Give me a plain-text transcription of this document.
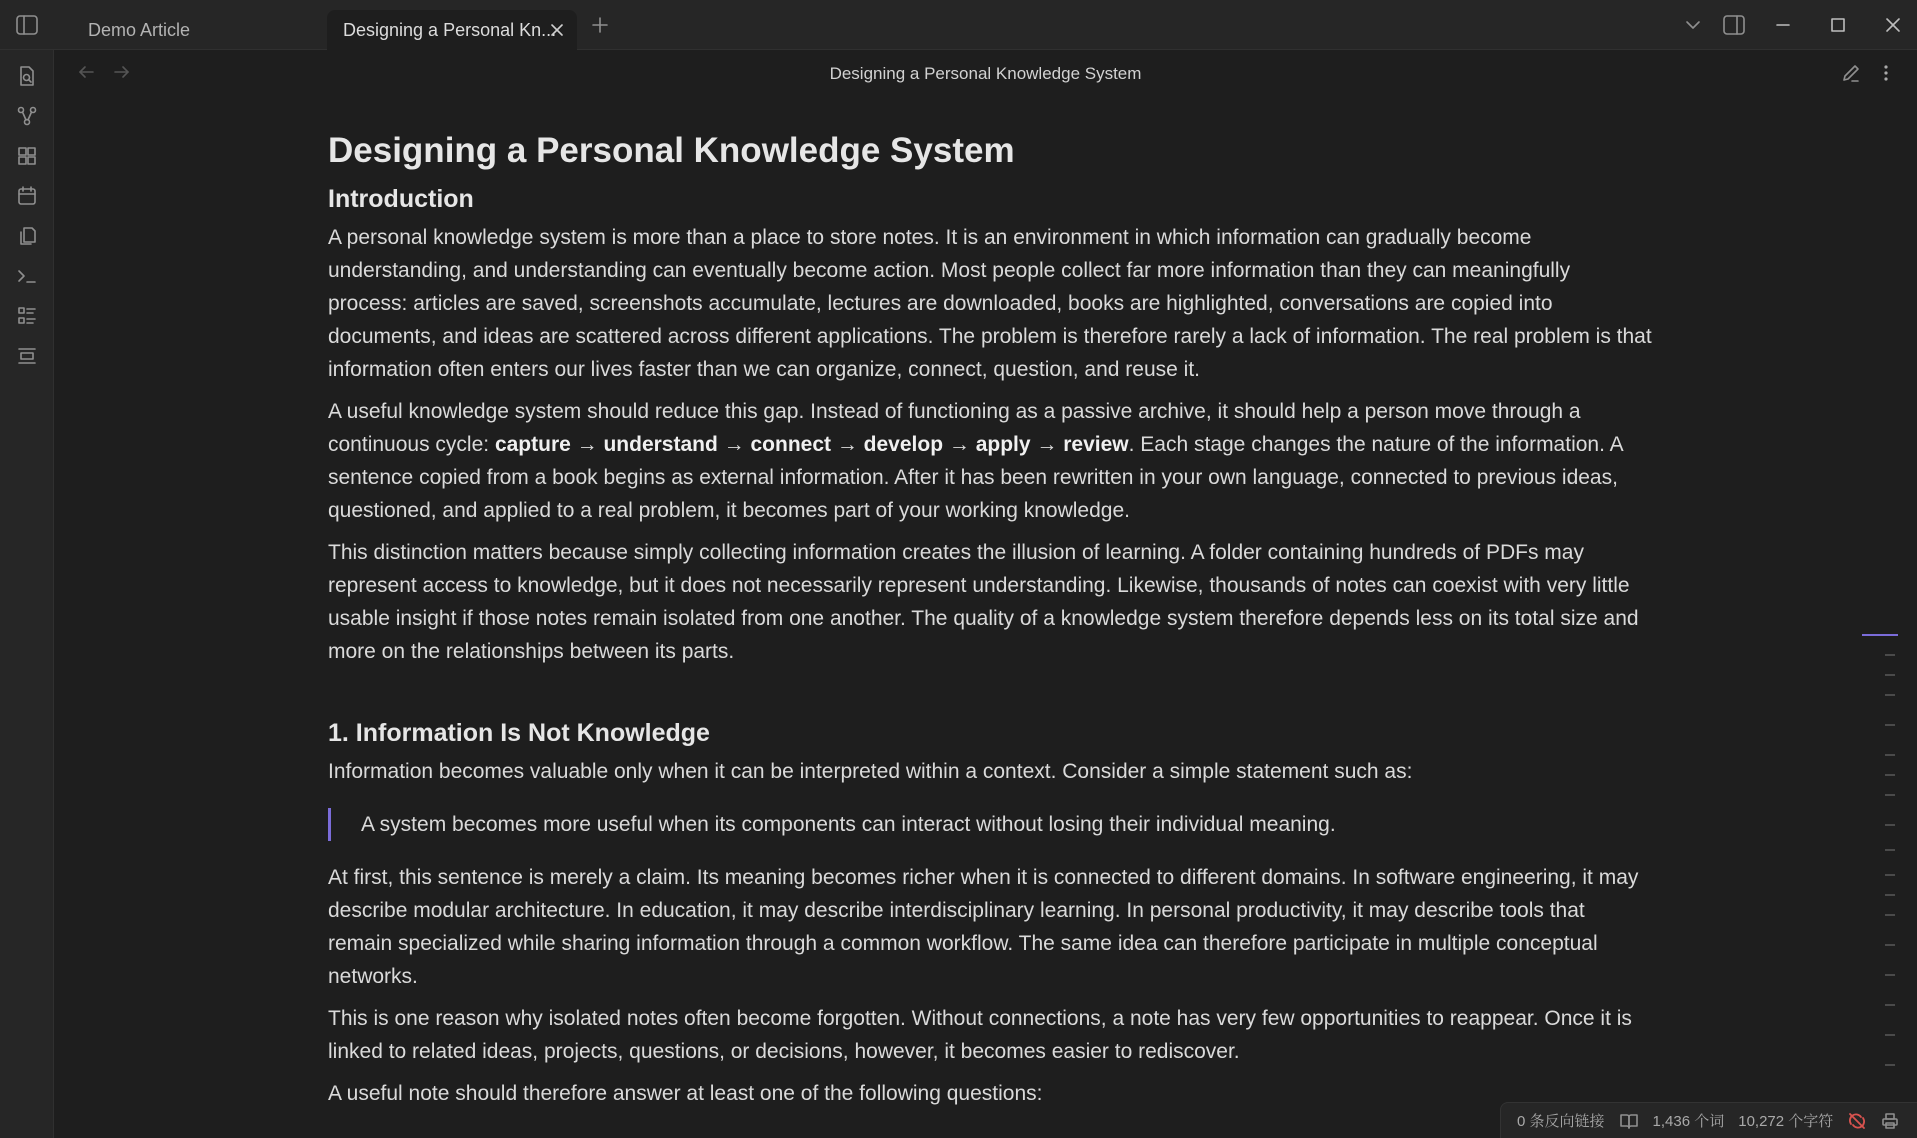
Demo Article	Designing a Personal Kn...
Designing a Personal Knowledge System
Designing a Personal Knowledge System
Introduction

A personal knowledge system is more than a place to store notes. It is an environment in which information can gradually become understanding, and understanding can eventually become action. Most people collect far more information than they can meaningfully process: articles are saved, screenshots accumulate, lectures are downloaded, books are highlighted, conversations are copied into documents, and ideas are scattered across different applications. The problem is therefore rarely a lack of information. The real problem is that information often enters our lives faster than we can organize, connect, question, and reuse it.

A useful knowledge system should reduce this gap. Instead of functioning as a passive archive, it should help a person move through a continuous cycle: capture → understand → connect → develop → apply → review. Each stage changes the nature of the information. A sentence copied from a book begins as external information. After it has been rewritten in your own language, connected to previous ideas, questioned, and applied to a real problem, it becomes part of your working knowledge.

This distinction matters because simply collecting information creates the illusion of learning. A folder containing hundreds of PDFs may represent access to knowledge, but it does not necessarily represent understanding. Likewise, thousands of notes can coexist with very little usable insight if those notes remain isolated from one another. The quality of a knowledge system therefore depends less on its total size and more on the relationships between its parts.

1. Information Is Not Knowledge

Information becomes valuable only when it can be interpreted within a context. Consider a simple statement such as:

A system becomes more useful when its components can interact without losing their individual meaning.

At first, this sentence is merely a claim. Its meaning becomes richer when it is connected to different domains. In software engineering, it may describe modular architecture. In education, it may describe interdisciplinary learning. In personal productivity, it may describe tools that remain specialized while sharing information through a common workflow. The same idea can therefore participate in multiple conceptual networks.

This is one reason why isolated notes often become forgotten. Without connections, a note has very few opportunities to reappear. Once it is linked to related ideas, projects, questions, or decisions, however, it becomes easier to rediscover.

A useful note should therefore answer at least one of the following questions:

0 条反向链接	1,436 个词 10,272 个字符
